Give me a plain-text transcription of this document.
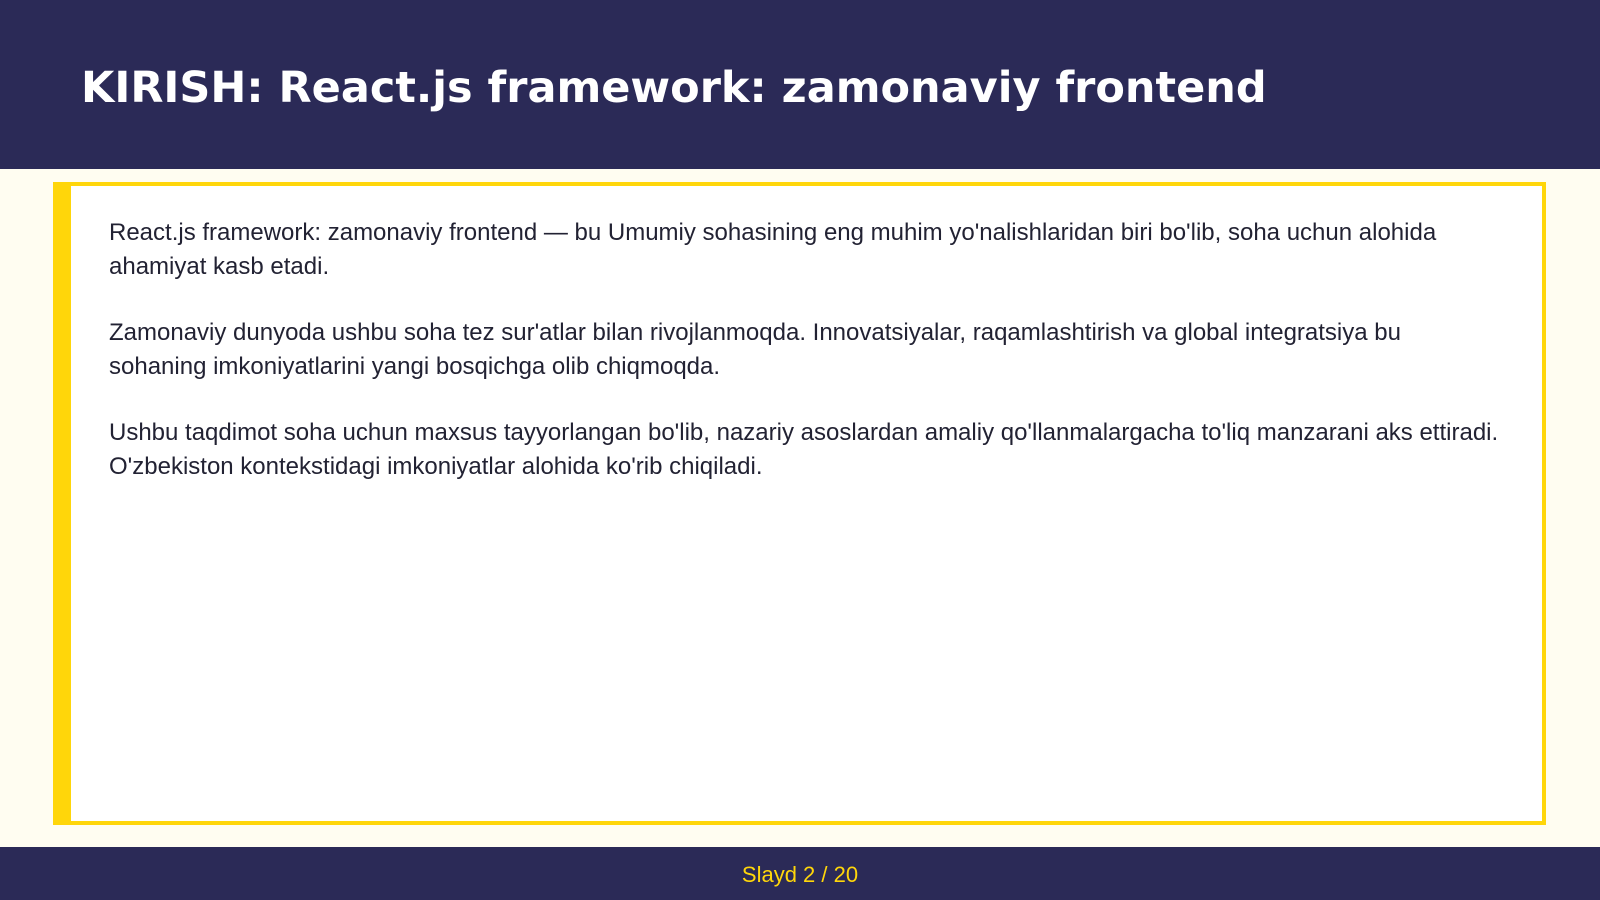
KIRISH: React.js framework: zamonaviy frontend

React.js framework: zamonaviy frontend — bu Umumiy sohasining eng muhim yo'nalishlaridan biri bo'lib, soha uchun alohida ahamiyat kasb etadi.

Zamonaviy dunyoda ushbu soha tez sur'atlar bilan rivojlanmoqda. Innovatsiyalar, raqamlashtirish va global integratsiya bu sohaning imkoniyatlarini yangi bosqichga olib chiqmoqda.

Ushbu taqdimot soha uchun maxsus tayyorlangan bo'lib, nazariy asoslardan amaliy qo'llanmalargacha to'liq manzarani aks ettiradi. O'zbekiston kontekstidagi imkoniyatlar alohida ko'rib chiqiladi.

Slayd 2 / 20
